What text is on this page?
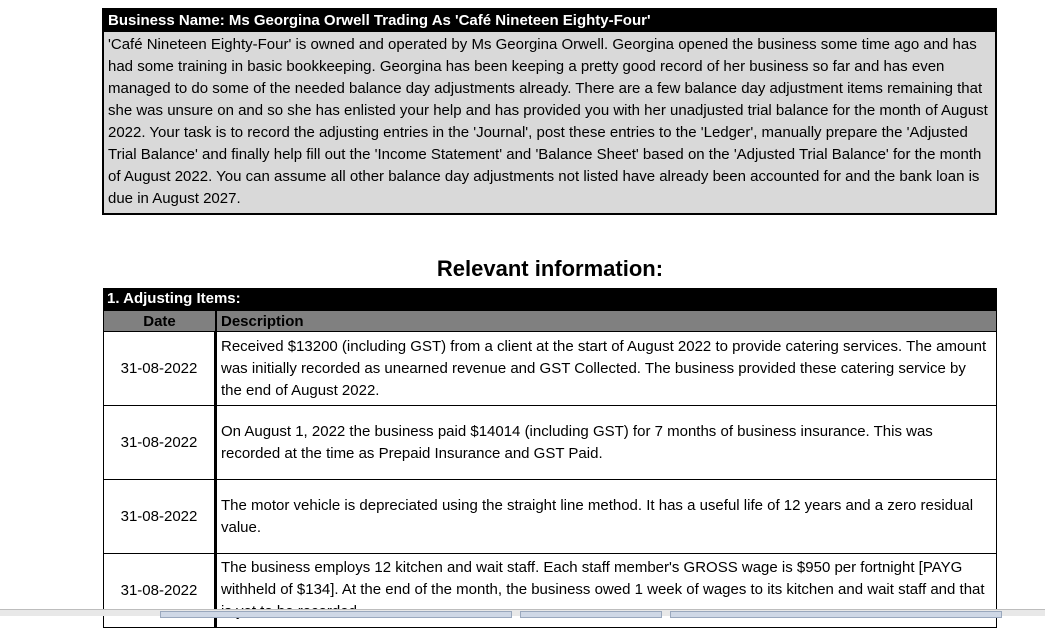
Business Name: Ms Georgina Orwell Trading As 'Café Nineteen Eighty-Four'
'Café Nineteen Eighty-Four' is owned and operated by Ms Georgina Orwell. Georgina opened the business some time ago and has had some training in basic bookkeeping. Georgina has been keeping a pretty good record of her business so far and has even managed to do some of the needed balance day adjustments already. There are a few balance day adjustment items remaining that she was unsure on and so she has enlisted your help and has provided you with her unadjusted trial balance for the month of August 2022. Your task is to record the adjusting entries in the 'Journal', post these entries to the 'Ledger', manually prepare the 'Adjusted Trial Balance' and finally help fill out the 'Income Statement' and 'Balance Sheet' based on the 'Adjusted Trial Balance' for the month of August 2022. You can assume all other balance day adjustments not listed have already been accounted for and the bank loan is due in August 2027.
Relevant information:
1. Adjusting Items:
Date	Description
31-08-2022
Received $13200 (including GST) from a client at the start of August 2022 to provide catering services. The amount was initially recorded as unearned revenue and GST Collected. The business provided these catering service by the end of August 2022.
31-08-2022
On August 1, 2022 the business paid $14014 (including GST) for 7 months of business insurance. This was recorded at the time as Prepaid Insurance and GST Paid.
31-08-2022
The motor vehicle is depreciated using the straight line method. It has a useful life of 12 years and a zero residual value.
31-08-2022
The business employs 12 kitchen and wait staff. Each staff member's GROSS wage is $950 per fortnight [PAYG withheld of $134]. At the end of the month, the business owed 1 week of wages to its kitchen and wait staff and that
